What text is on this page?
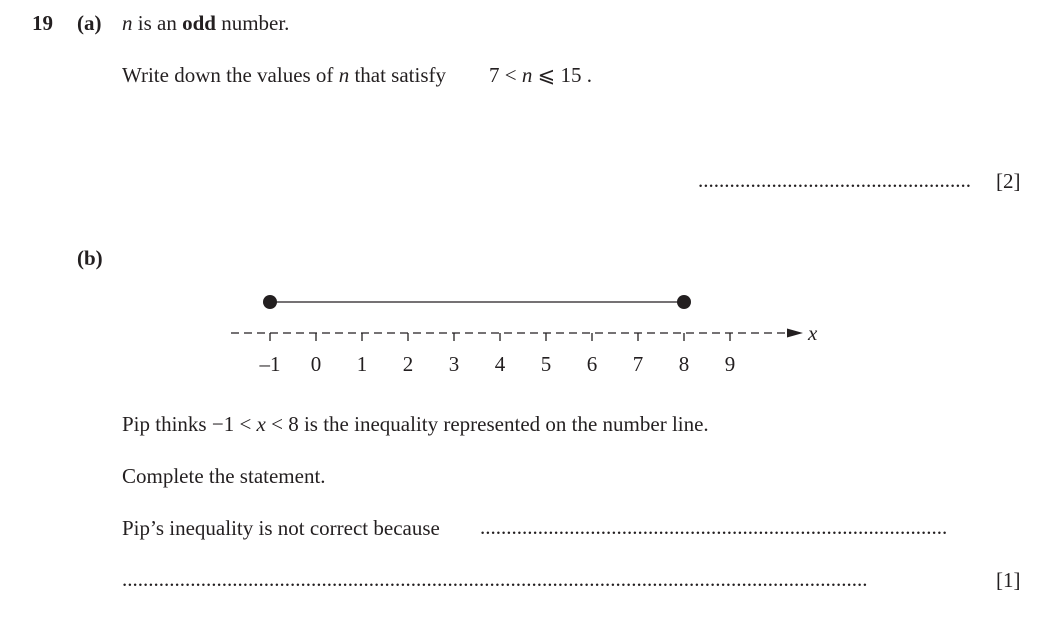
19 (a) n is an odd number.
Write down the values of n that satisfy 7 < n ⩽ 15 .
....................................................	[2]
(b)
x
–1 0 1 2 3 4 5 6 7 8 9
Pip thinks −1 < x < 8 is the inequality represented on the number line.
Complete the statement.
Pip’s inequality is not correct because .........................................................................................
..............................................................................................................................................	[1]
